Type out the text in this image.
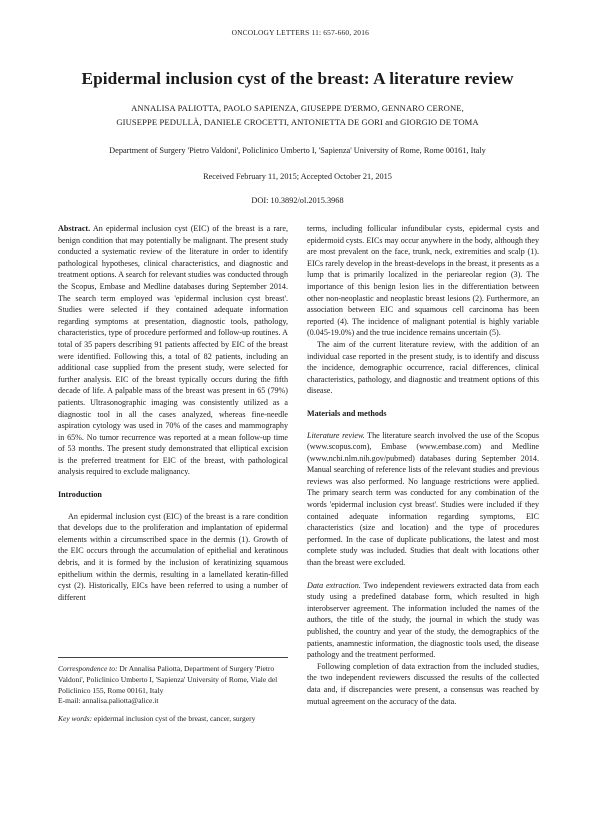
ONCOLOGY LETTERS 11: 657-660, 2016
Epidermal inclusion cyst of the breast: A literature review
ANNALISA PALIOTTA, PAOLO SAPIENZA, GIUSEPPE D'ERMO, GENNARO CERONE,
GIUSEPPE PEDULLÀ, DANIELE CROCETTI, ANTONIETTA DE GORI and GIORGIO DE TOMA
Department of Surgery 'Pietro Valdoni', Policlinico Umberto I, 'Sapienza' University of Rome, Rome 00161, Italy
Received February 11, 2015; Accepted October 21, 2015
DOI: 10.3892/ol.2015.3968

Abstract. An epidermal inclusion cyst (EIC) of the breast is a rare, benign condition that may potentially be malignant. The present study conducted a systematic review of the literature in order to identify pathological hypotheses, clinical characteristics, and diagnostic and treatment options. A search for relevant studies was conducted through the Scopus, Embase and Medline databases during September 2014. The search term employed was 'epidermal inclusion cyst breast'. Studies were selected if they contained adequate information regarding symptoms at presentation, diagnostic tools, pathology, characteristics, type of procedure performed and follow-up routines. A total of 35 papers describing 91 patients affected by EIC of the breast were identified. Following this, a total of 82 patients, including an additional case supplied from the present study, were selected for further analysis. EIC of the breast typically occurs during the fifth decade of life. A palpable mass of the breast was present in 65 (79%) patients. Ultrasonographic imaging was consistently utilized as a diagnostic tool in all the cases analyzed, whereas fine-needle aspiration cytology was used in 70% of the cases and mammography in 65%. No tumor recurrence was reported at a mean follow-up time of 53 months. The present study demonstrated that elliptical excision is the preferred treatment for EIC of the breast, with pathological analysis required to exclude malignancy.

Introduction

An epidermal inclusion cyst (EIC) of the breast is a rare condition that develops due to the proliferation and implantation of epidermal elements within a circumscribed space in the dermis (1). Growth of the EIC occurs through the accumulation of epithelial and keratinous debris, and it is formed by the inclusion of keratinizing squamous epithelium within the dermis, resulting in a lamellated keratin-filled cyst (2). Historically, EICs have been referred to using a number of different

Correspondence to: Dr Annalisa Paliotta, Department of Surgery 'Pietro Valdoni', Policlinico Umberto I, 'Sapienza' University of Rome, Viale del Policlinico 155, Rome 00161, Italy

E-mail: annalisa.paliotta@alice.it

Key words: epidermal inclusion cyst of the breast, cancer, surgery

terms, including follicular infundibular cysts, epidermal cysts and epidermoid cysts. EICs may occur anywhere in the body, although they are most prevalent on the face, trunk, neck, extremities and scalp (1). EICs rarely develop in the breast-develops in the breast, it presents as a lump that is primarily localized in the periareolar region (3). The importance of this benign lesion lies in the differentiation between other non-neoplastic and neoplastic breast lesions (2). Furthermore, an association between EIC and squamous cell carcinoma has been reported (4). The incidence of malignant potential is highly variable (0.045-19.0%) and the true incidence remains uncertain (5).

The aim of the current literature review, with the addition of an individual case reported in the present study, is to identify and discuss the incidence, demographic occurrence, racial differences, clinical characteristics, pathology, and diagnostic and treatment options of this disease.

Materials and methods

Literature review. The literature search involved the use of the Scopus (www.scopus.com), Embase (www.embase.com) and Medline (www.ncbi.nlm.nih.gov/pubmed) databases during September 2014. Manual searching of reference lists of the relevant studies and previous reviews was also performed. No language restrictions were applied. The primary search term was conducted for any combination of the words 'epidermal inclusion cyst breast'. Studies were included if they contained adequate information regarding symptoms, EIC characteristics (size and location) and the type of procedures performed. In the case of duplicate publications, the latest and most complete study was included. Studies that dealt with locations other than the breast were excluded.

Data extraction. Two independent reviewers extracted data from each study using a predefined database form, which resulted in high interobserver agreement. The information included the names of the authors, the title of the study, the journal in which the study was published, the country and year of the study, the demographics of the patients, anamnestic information, the diagnostic tools used, the disease pathology and the treatment performed.

Following completion of data extraction from the included studies, the two independent reviewers discussed the results of the collected data and, if discrepancies were present, a consensus was reached by mutual agreement on the accuracy of the data.
